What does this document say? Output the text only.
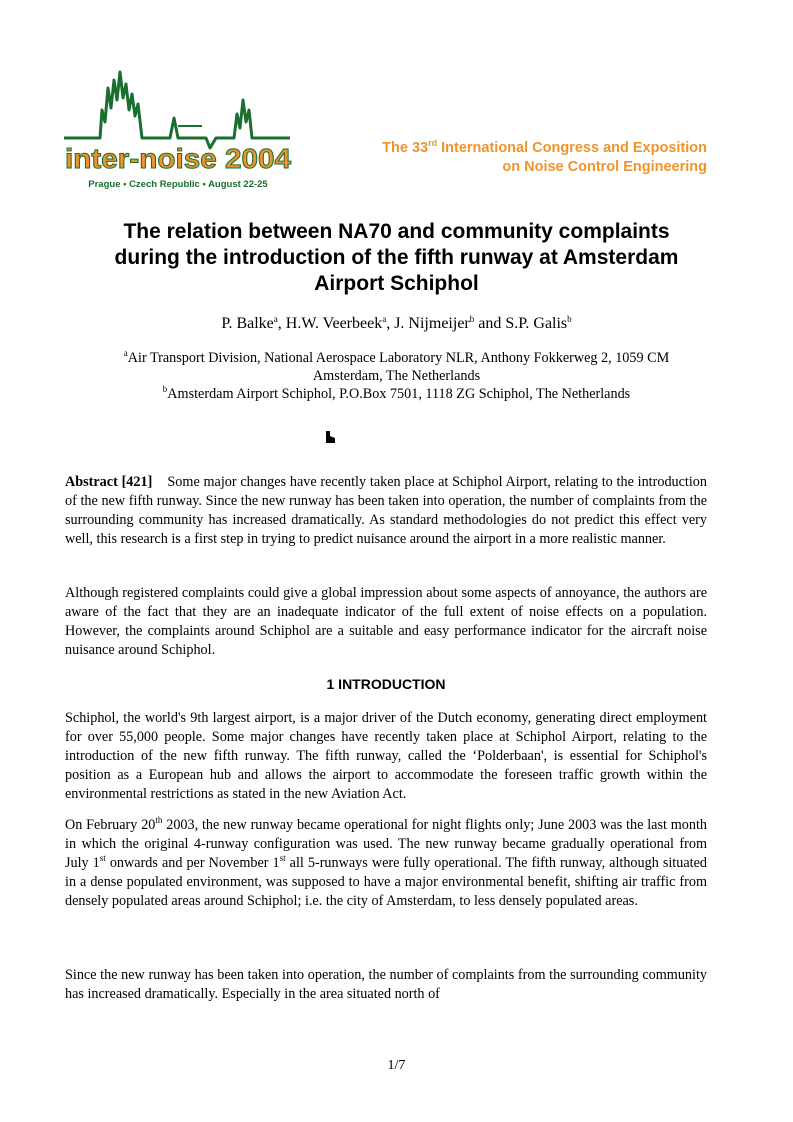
inter-noise 2004
Prague • Czech Republic • August 22-25
The 33rd International Congress and Exposition
on Noise Control Engineering
The relation between NA70 and community complaints
during the introduction of the fifth runway at Amsterdam
Airport Schiphol
P. Balke$^a$, H.W. Veerbeek$^a$, J. Nijmeijer$^b$ and S.P. Galis$^b$
$^a$Air Transport Division, National Aerospace Laboratory NLR, Anthony Fokkerweg 2, 1059 CM
Amsterdam, The Netherlands
$^b$Amsterdam Airport Schiphol, P.O.Box 7501, 1118 ZG Schiphol, The Netherlands

Abstract [421] Some major changes have recently taken place at Schiphol Airport, relating to the introduction of the new fifth runway. Since the new runway has been taken into operation, the number of complaints from the surrounding community has increased dramatically. As standard methodologies do not predict this effect very well, this research is a first step in trying to predict nuisance around the airport in a more realistic manner.

Although registered complaints could give a global impression about some aspects of annoyance, the authors are aware of the fact that they are an inadequate indicator of the full extent of noise effects on a population. However, the complaints around Schiphol are a suitable and easy performance indicator for the aircraft noise nuisance around Schiphol.

1 INTRODUCTION

Schiphol, the world's 9th largest airport, is a major driver of the Dutch economy, generating direct employment for over 55,000 people. Some major changes have recently taken place at Schiphol Airport, relating to the introduction of the new fifth runway. The fifth runway, called the ‘Polderbaan', is essential for Schiphol's position as a European hub and allows the airport to accommodate the foreseen traffic growth within the environmental restrictions as stated in the new Aviation Act.

On February 20th 2003, the new runway became operational for night flights only; June 2003 was the last month in which the original 4-runway configuration was used. The new runway became gradually operational from July 1st onwards and per November 1st all 5-runways were fully operational. The fifth runway, although situated in a dense populated environment, was supposed to have a major environmental benefit, shifting air traffic from densely populated areas around Schiphol; i.e. the city of Amsterdam, to less densely populated areas.

Since the new runway has been taken into operation, the number of complaints from the surrounding community has increased dramatically. Especially in the area situated north of

1/7
